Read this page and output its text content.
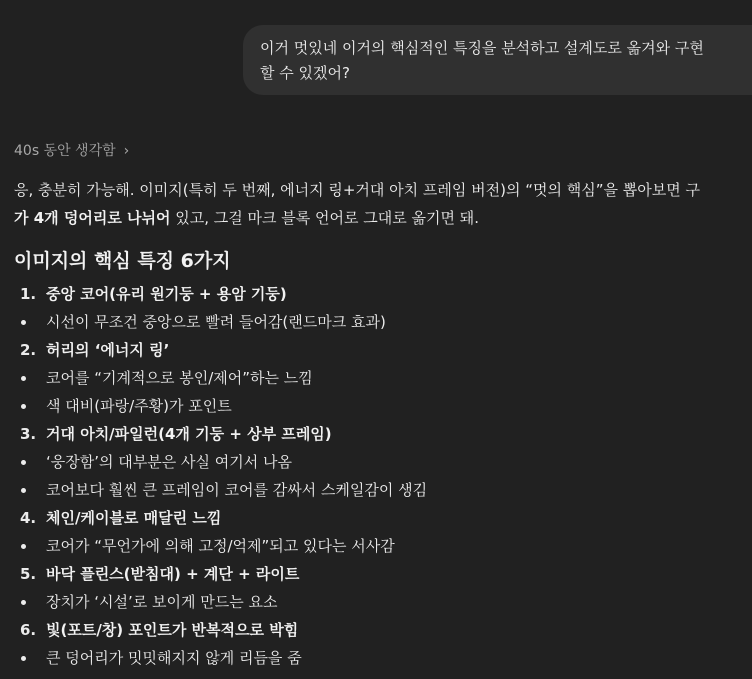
이거 멋있네 이거의 핵심적인 특징을 분석하고 설계도로 옮겨와 구현
할 수 있겠어?
40s 동안 생각함 ›
응, 충분히 가능해. 이미지(특히 두 번째, 에너지 링+거대 아치 프레임 버전)의 “멋의 핵심”을 뽑아보면 구
가 4개 덩어리로 나뉘어 있고, 그걸 마크 블록 언어로 그대로 옮기면 돼.
이미지의 핵심 특징 6가지
1. 중앙 코어(유리 원기둥 + 용암 기둥)
시선이 무조건 중앙으로 빨려 들어감(랜드마크 효과)
2. 허리의 ‘에너지 링’
코어를 “기계적으로 봉인/제어”하는 느낌
색 대비(파랑/주황)가 포인트
3. 거대 아치/파일런(4개 기둥 + 상부 프레임)
‘웅장함’의 대부분은 사실 여기서 나옴
코어보다 훨씬 큰 프레임이 코어를 감싸서 스케일감이 생김
4. 체인/케이블로 매달린 느낌
코어가 “무언가에 의해 고정/억제”되고 있다는 서사감
5. 바닥 플린스(받침대) + 계단 + 라이트
장치가 ‘시설’로 보이게 만드는 요소
6. 빛(포트/창) 포인트가 반복적으로 박힘
큰 덩어리가 밋밋해지지 않게 리듬을 줌
